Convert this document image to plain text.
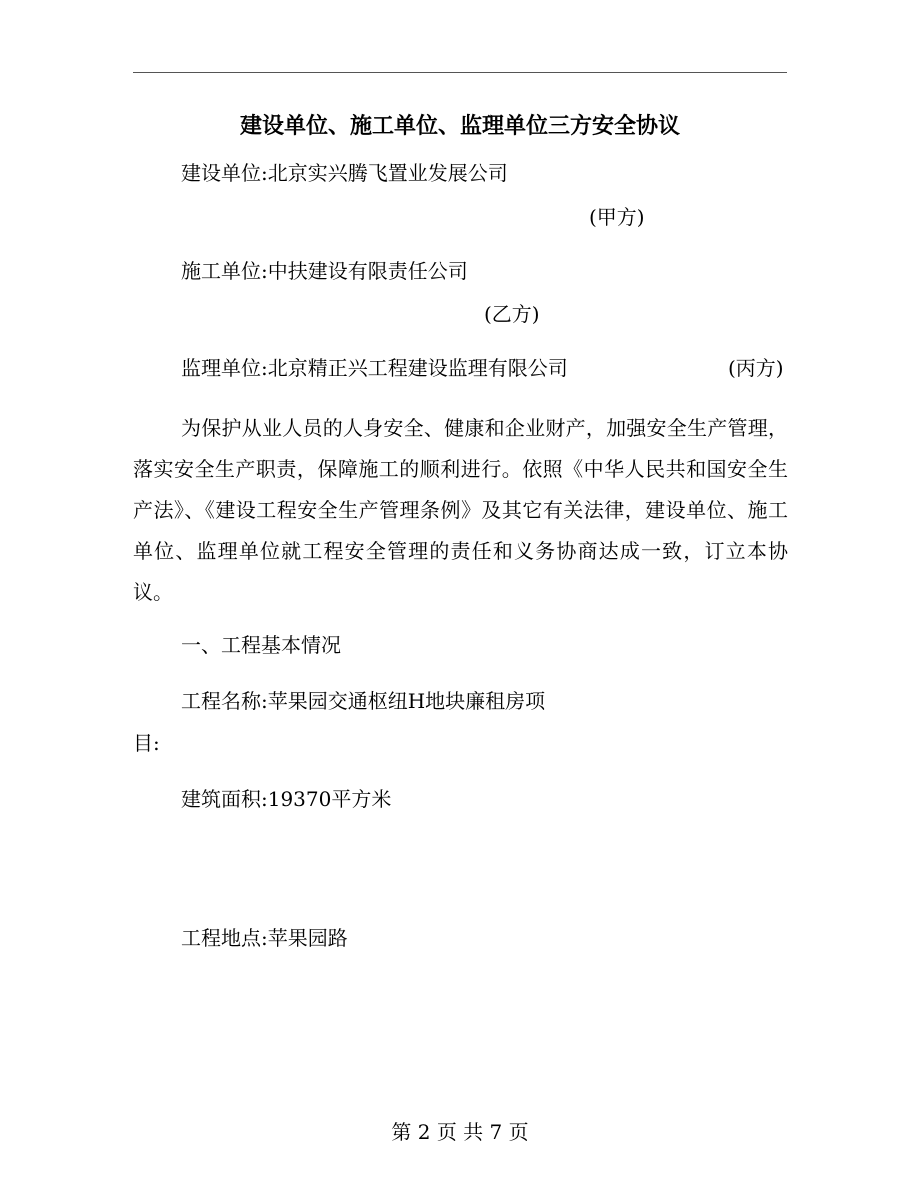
建设单位、施工单位、监理单位三方安全协议
建设单位:北京实兴腾飞置业发展公司
(甲方)
施工单位:中扶建设有限责任公司
(乙方)
监理单位:北京精正兴工程建设监理有限公司	(丙方)

为保护从业人员的人身安全、健康和企业财产，加强安全生产管理，落实安全生产职责，保障施工的顺利进行。依照《中华人民共和国安全生产法》、《建设工程安全生产管理条例》及其它有关法律，建设单位、施工单位、监理单位就工程安全管理的责任和义务协商达成一致，订立本协议。

一、工程基本情况
工程名称:苹果园交通枢纽H地块廉租房项
目:
建筑面积:19370平方米
工程地点:苹果园路
第 2 页 共 7 页
